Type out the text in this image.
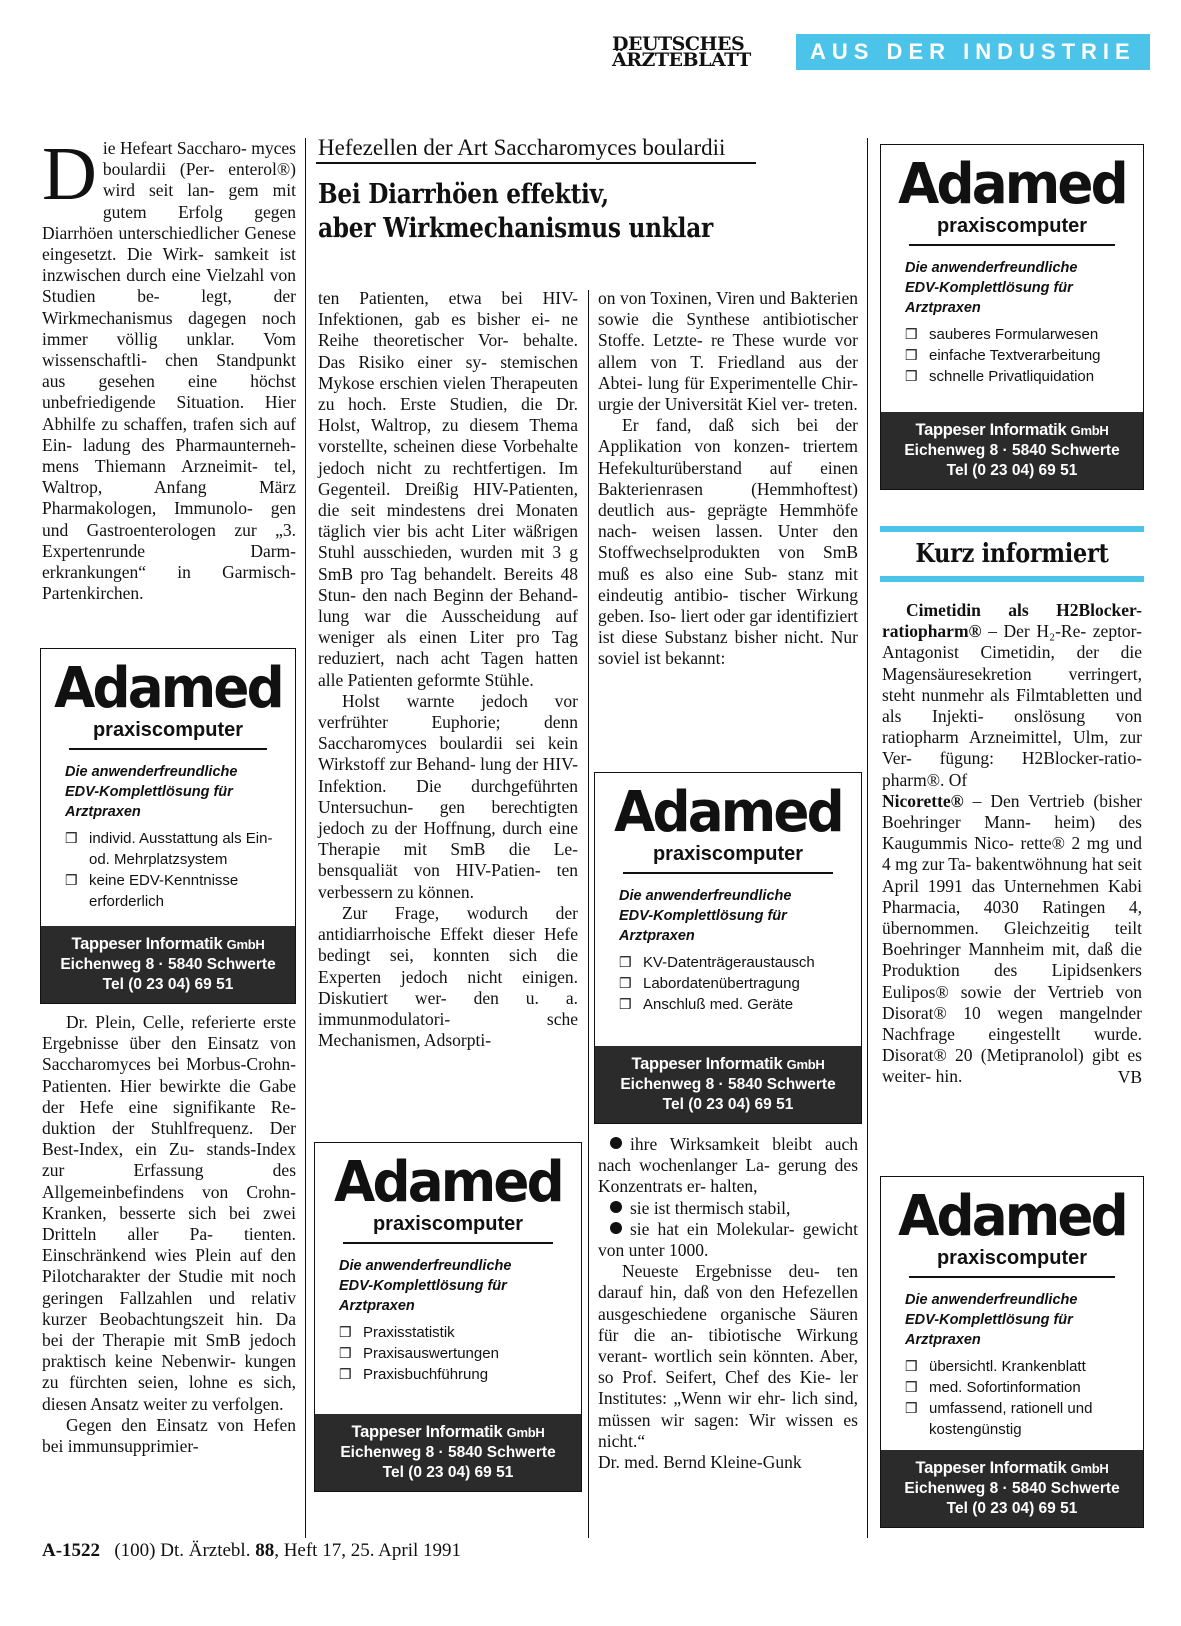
DEUTSCHES
ÄRZTEBLATT	AUS DER INDUSTRIE

Die Hefeart Saccharo- myces boulardii (Per- enterol®) wird seit lan- gem mit gutem Erfolg gegen Diarrhöen unterschiedlicher Genese eingesetzt. Die Wirk- samkeit ist inzwischen durch eine Vielzahl von Studien be- legt, der Wirkmechanismus dagegen noch immer völlig unklar. Vom wissenschaftli- chen Standpunkt aus gesehen eine höchst unbefriedigende Situation. Hier Abhilfe zu schaffen, trafen sich auf Ein- ladung des Pharmaunterneh- mens Thiemann Arzneimit- tel, Waltrop, Anfang März Pharmakologen, Immunolo- gen und Gastroenterologen zur „3. Expertenrunde Darm- erkrankungen“ in Garmisch- Partenkirchen.

Adamed
praxiscomputer
Die anwenderfreundliche
EDV-Komplettlösung für
Arztpraxen
❒ individ. Ausstattung als Ein- od. Mehrplatzsystem
❒ keine EDV-Kenntnisse erforderlich
Tappeser Informatik GmbH
Eichenweg 8 · 5840 Schwerte
Tel (0 23 04) 69 51

Dr. Plein, Celle, referierte erste Ergebnisse über den Einsatz von Saccharomyces bei Morbus-Crohn-Patienten. Hier bewirkte die Gabe der Hefe eine signifikante Re- duktion der Stuhlfrequenz. Der Best-Index, ein Zu- stands-Index zur Erfassung des Allgemeinbefindens von Crohn-Kranken, besserte sich bei zwei Dritteln aller Pa- tienten. Einschränkend wies Plein auf den Pilotcharakter der Studie mit noch geringen Fallzahlen und relativ kurzer Beobachtungszeit hin. Da bei der Therapie mit SmB jedoch praktisch keine Nebenwir- kungen zu fürchten seien, lohne es sich, diesen Ansatz weiter zu verfolgen.

Gegen den Einsatz von Hefen bei immunsupprimier-

Hefezellen der Art Saccharomyces boulardii
Bei Diarrhöen effektiv,
aber Wirkmechanismus unklar

ten Patienten, etwa bei HIV- Infektionen, gab es bisher ei- ne Reihe theoretischer Vor- behalte. Das Risiko einer sy- stemischen Mykose erschien vielen Therapeuten zu hoch. Erste Studien, die Dr. Holst, Waltrop, zu diesem Thema vorstellte, scheinen diese Vorbehalte jedoch nicht zu rechtfertigen. Im Gegenteil. Dreißig HIV-Patienten, die seit mindestens drei Monaten täglich vier bis acht Liter wäßrigen Stuhl ausschieden, wurden mit 3 g SmB pro Tag behandelt. Bereits 48 Stun- den nach Beginn der Behand- lung war die Ausscheidung auf weniger als einen Liter pro Tag reduziert, nach acht Tagen hatten alle Patienten geformte Stühle.

Holst warnte jedoch vor verfrühter Euphorie; denn Saccharomyces boulardii sei kein Wirkstoff zur Behand- lung der HIV-Infektion. Die durchgeführten Untersuchun- gen berechtigten jedoch zu der Hoffnung, durch eine Therapie mit SmB die Le- bensqualiät von HIV-Patien- ten verbessern zu können.

Zur Frage, wodurch der antidiarrhoische Effekt dieser Hefe bedingt sei, konnten sich die Experten jedoch nicht einigen. Diskutiert wer- den u. a. immunmodulatori- sche Mechanismen, Adsorpti-

Adamed
praxiscomputer
Die anwenderfreundliche
EDV-Komplettlösung für
Arztpraxen
❒ Praxisstatistik
❒ Praxisauswertungen
❒ Praxisbuchführung
Tappeser Informatik GmbH
Eichenweg 8 · 5840 Schwerte
Tel (0 23 04) 69 51

on von Toxinen, Viren und Bakterien sowie die Synthese antibiotischer Stoffe. Letzte- re These wurde vor allem von T. Friedland aus der Abtei- lung für Experimentelle Chir- urgie der Universität Kiel ver- treten.

Er fand, daß sich bei der Applikation von konzen- triertem Hefekulturüberstand auf einen Bakterienrasen (Hemmhoftest) deutlich aus- geprägte Hemmhöfe nach- weisen lassen. Unter den Stoffwechselprodukten von SmB muß es also eine Sub- stanz mit eindeutig antibio- tischer Wirkung geben. Iso- liert oder gar identifiziert ist diese Substanz bisher nicht. Nur soviel ist bekannt:

Adamed
praxiscomputer
Die anwenderfreundliche
EDV-Komplettlösung für
Arztpraxen
❒ KV-Datenträgeraustausch
❒ Labordatenübertragung
❒ Anschluß med. Geräte
Tappeser Informatik GmbH
Eichenweg 8 · 5840 Schwerte
Tel (0 23 04) 69 51

ihre Wirksamkeit bleibt auch nach wochenlanger La- gerung des Konzentrats er- halten,

sie ist thermisch stabil,

sie hat ein Molekular- gewicht von unter 1000.

Neueste Ergebnisse deu- ten darauf hin, daß von den Hefezellen ausgeschiedene organische Säuren für die an- tibiotische Wirkung verant- wortlich sein könnten. Aber, so Prof. Seifert, Chef des Kie- ler Institutes: „Wenn wir ehr- lich sind, müssen wir sagen: Wir wissen es nicht.“

Dr. med. Bernd Kleine-Gunk

Adamed
praxiscomputer
Die anwenderfreundliche
EDV-Komplettlösung für
Arztpraxen
❒ sauberes Formularwesen
❒ einfache Textverarbeitung
❒ schnelle Privatliquidation
Tappeser Informatik GmbH
Eichenweg 8 · 5840 Schwerte
Tel (0 23 04) 69 51
Kurz informiert

Cimetidin als H2Blocker- ratiopharm® – Der H₂-Re- zeptor-Antagonist Cimetidin, der die Magensäuresekretion verringert, steht nunmehr als Filmtabletten und als Injekti- onslösung von ratiopharm Arzneimittel, Ulm, zur Ver- fügung: H2Blocker-ratio- pharm®. Of

Nicorette® – Den Vertrieb (bisher Boehringer Mann- heim) des Kaugummis Nico- rette® 2 mg und 4 mg zur Ta- bakentwöhnung hat seit April 1991 das Unternehmen Kabi Pharmacia, 4030 Ratingen 4, übernommen. Gleichzeitig teilt Boehringer Mannheim mit, daß die Produktion des Lipidsenkers Eulipos® sowie der Vertrieb von Disorat® 10 wegen mangelnder Nachfrage eingestellt wurde. Disorat® 20 (Metipranolol) gibt es weiter- hin.	VB

Adamed
praxiscomputer
Die anwenderfreundliche
EDV-Komplettlösung für
Arztpraxen
❒ übersichtl. Krankenblatt
❒ med. Sofortinformation
❒ umfassend, rationell und kostengünstig
Tappeser Informatik GmbH
Eichenweg 8 · 5840 Schwerte
Tel (0 23 04) 69 51
A-1522 (100) Dt. Ärztebl. 88, Heft 17, 25. April 1991
